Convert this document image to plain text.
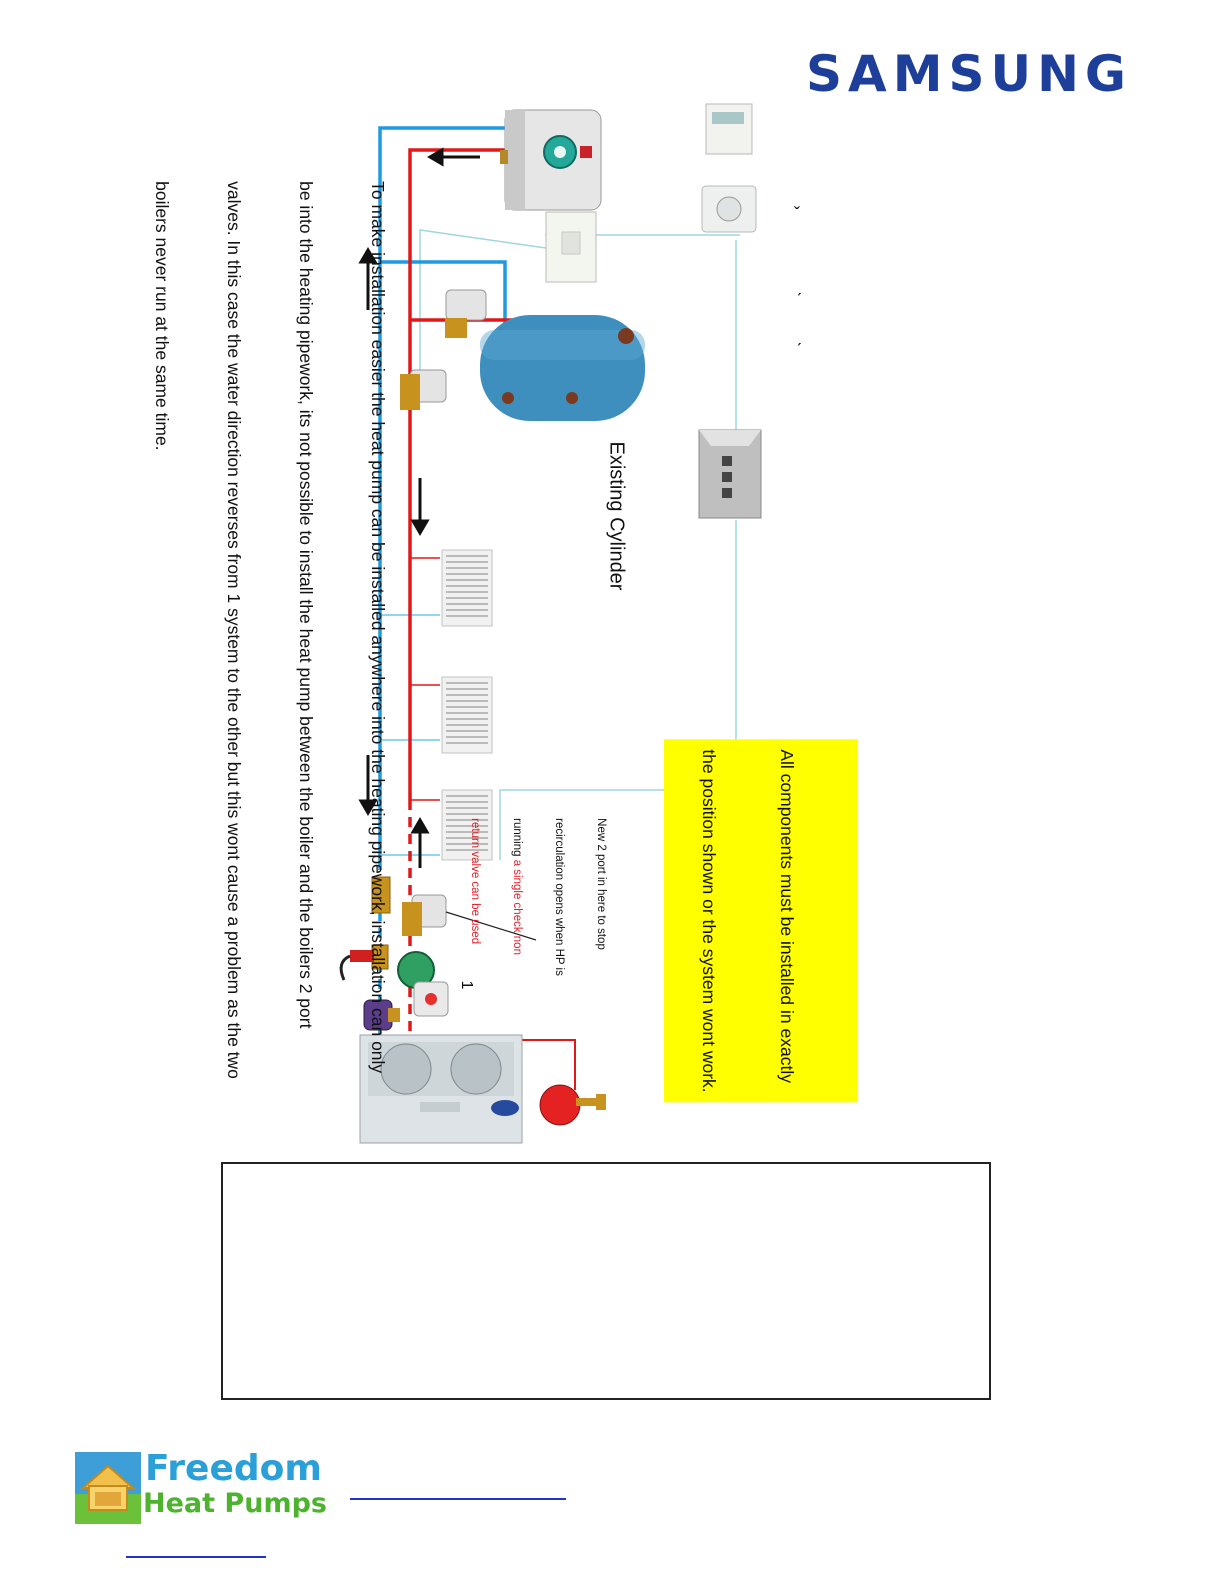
SAMSUNG
ˇ
ˏ
ˏ

To make installation easier the heat pump can be installed anywhere into the heating pipework, installation can only

be into the heating pipework, its not possible to install the heat pump between the boiler and the boilers 2 port

valves. In this case the water direction reverses from 1 system to the other but this wont cause a problem as the two

boilers never run at the same time.

Existing Cylinder

All components must be installed in exactly

the position shown or the system wont work.

New 2 port in here to stop

recirculation opens when HP is

running a single check non

return valve can be used

1
Freedom
Heat Pumps
